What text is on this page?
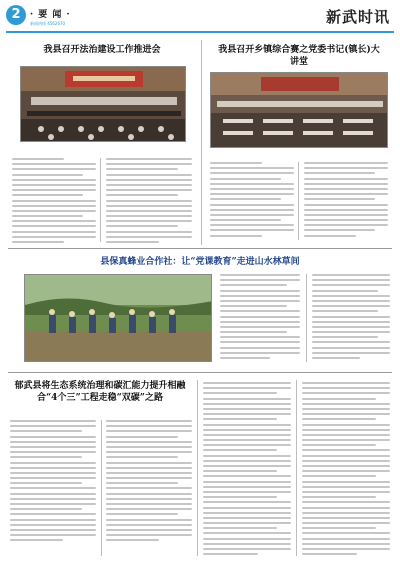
2	· 要 闻 ·
新闻热线 4562670	新武时讯
我县召开法治建设工作推进会	我县召开乡镇综合赛之党委书记(镇长)大讲堂
县保真蜂业合作社：让“党课教育”走进山水林草间
郁武县将生态系统治理和碳汇能力提升相融合“4个三”工程走稳“双碳”之路
